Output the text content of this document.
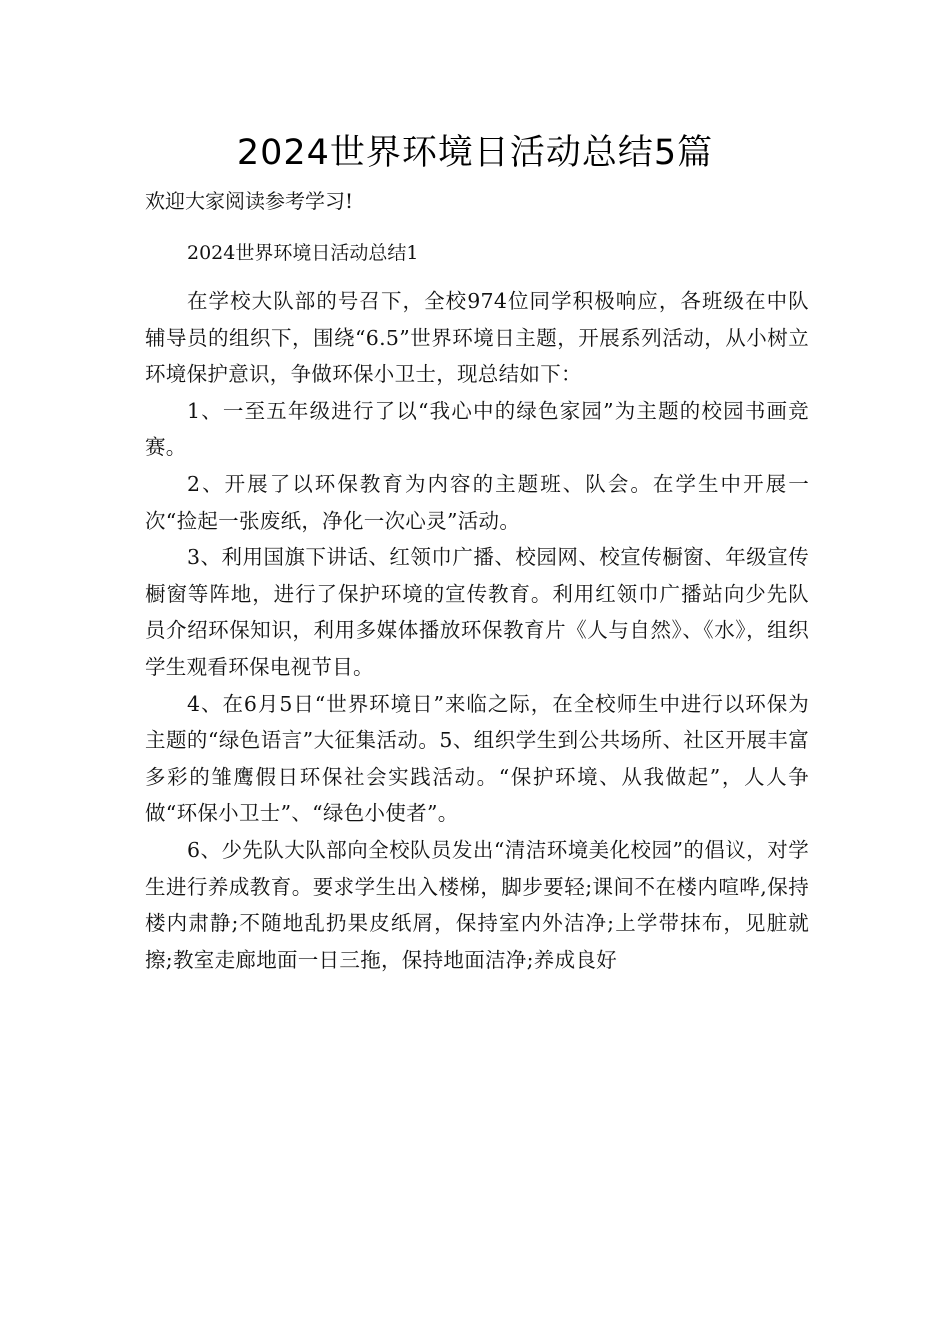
2024世界环境日活动总结5篇
欢迎大家阅读参考学习!
2024世界环境日活动总结1

在学校大队部的号召下，全校974位同学积极响应，各班级在中队辅导员的组织下，围绕“6.5”世界环境日主题，开展系列活动，从小树立环境保护意识，争做环保小卫士，现总结如下：

1、一至五年级进行了以“我心中的绿色家园”为主题的校园书画竞赛。

2、开展了以环保教育为内容的主题班、队会。在学生中开展一次“捡起一张废纸，净化一次心灵”活动。

3、利用国旗下讲话、红领巾广播、校园网、校宣传橱窗、年级宣传橱窗等阵地，进行了保护环境的宣传教育。利用红领巾广播站向少先队员介绍环保知识，利用多媒体播放环保教育片《人与自然》、《水》，组织学生观看环保电视节目。

4、在6月5日“世界环境日”来临之际，在全校师生中进行以环保为主题的“绿色语言”大征集活动。5、组织学生到公共场所、社区开展丰富多彩的雏鹰假日环保社会实践活动。“保护环境、从我做起”，人人争做“环保小卫士”、“绿色小使者”。

6、少先队大队部向全校队员发出“清洁环境美化校园”的倡议，对学生进行养成教育。要求学生出入楼梯，脚步要轻;课间不在楼内喧哗,保持楼内肃静;不随地乱扔果皮纸屑，保持室内外洁净;上学带抹布，见脏就擦;教室走廊地面一日三拖，保持地面洁净;养成良好
